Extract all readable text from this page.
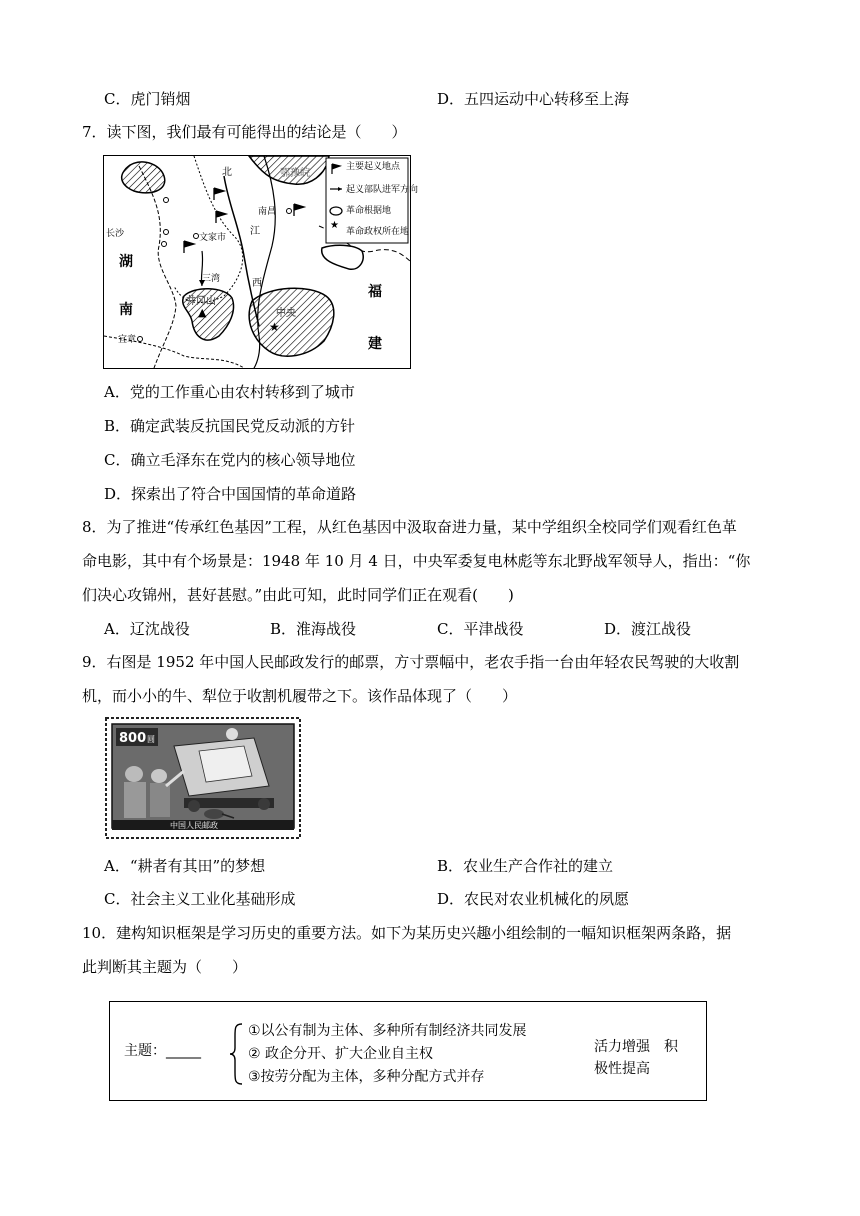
C．虎门销烟	D．五四运动中心转移至上海
7．读下图，我们最有可能得出的结论是（　　）
★
主要起义地点
起义部队进军方向
革命根据地
革命政权所在地
▲
★
北	鄂豫皖
南昌
江
长沙	文家市
湖
南
三湾	西
井冈山
中央
福
建
宜章
A．党的工作重心由农村转移到了城市
B．确定武装反抗国民党反动派的方针
C．确立毛泽东在党内的核心领导地位
D．探索出了符合中国国情的革命道路
8．为了推进“传承红色基因”工程，从红色基因中汲取奋进力量，某中学组织全校同学们观看红色革
命电影，其中有个场景是：1948 年 10 月 4 日，中央军委复电林彪等东北野战军领导人，指出：“你
们决心攻锦州，甚好甚慰。”由此可知，此时同学们正在观看(　　)
A．辽沈战役	B．淮海战役	C．平津战役	D．渡江战役
9．右图是 1952 年中国人民邮政发行的邮票，方寸票幅中，老农手指一台由年轻农民驾驶的大收割
机，而小小的牛、犁位于收割机履带之下。该作品体现了（　　）
800 圆
中国人民邮政
A．“耕者有其田”的梦想	B．农业生产合作社的建立
C．社会主义工业化基础形成	D．农民对农业机械化的夙愿
10．建构知识框架是学习历史的重要方法。如下为某历史兴趣小组绘制的一幅知识框架两条路，据
此判断其主题为（　　）
主题：_____
①以公有制为主体、多种所有制经济共同发展
② 政企分开、扩大企业自主权
③按劳分配为主体，多种分配方式并存
活力增强　积
极性提高
